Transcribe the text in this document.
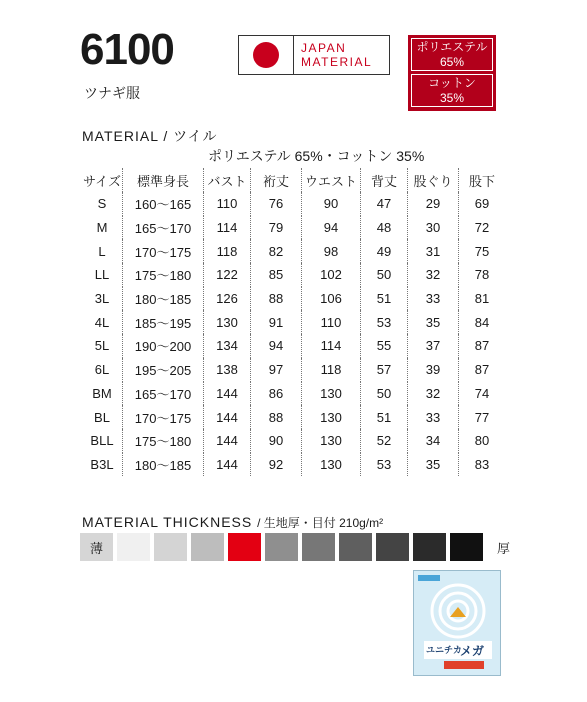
6100
ツナギ服
JAPAN
MATERIAL
ポリエステル
65%
コットン
35%
MATERIAL / ツイル
ポリエステル 65%・コットン 35%
サイズ	標準身長	バスト	裄丈	ウエスト	背丈	股ぐり	股下
S	160〜165	110	76	90	47	29	69
M	165〜170	114	79	94	48	30	72
L	170〜175	118	82	98	49	31	75
LL	175〜180	122	85	102	50	32	78
3L	180〜185	126	88	106	51	33	81
4L	185〜195	130	91	110	53	35	84
5L	190〜200	134	94	114	55	37	87
6L	195〜205	138	97	118	57	39	87
BM	165〜170	144	86	130	50	32	74
BL	170〜175	144	88	130	51	33	77
BLL	175〜180	144	90	130	52	34	80
B3L	180〜185	144	92	130	53	35	83
MATERIAL THICKNESS / 生地厚・目付 210g/m²
薄	厚
ユニチカ
メガ
